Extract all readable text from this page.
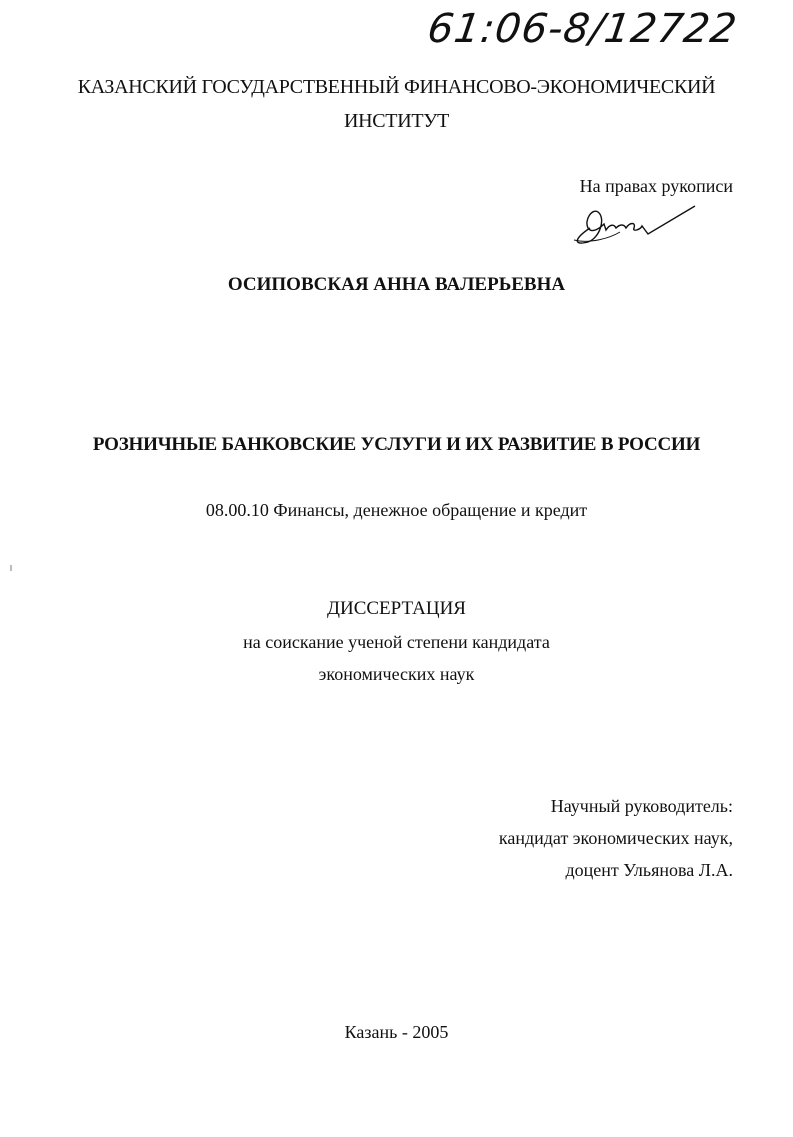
61:06-8/12722
КАЗАНСКИЙ ГОСУДАРСТВЕННЫЙ ФИНАНСОВО-ЭКОНОМИЧЕСКИЙ
ИНСТИТУТ
На правах рукописи
ОСИПОВСКАЯ АННА ВАЛЕРЬЕВНА
РОЗНИЧНЫЕ БАНКОВСКИЕ УСЛУГИ И ИХ РАЗВИТИЕ В РОССИИ
08.00.10 Финансы, денежное обращение и кредит
ДИССЕРТАЦИЯ
на соискание ученой степени кандидата
экономических наук
Научный руководитель:
кандидат экономических наук,
доцент Ульянова Л.А.
Казань - 2005
